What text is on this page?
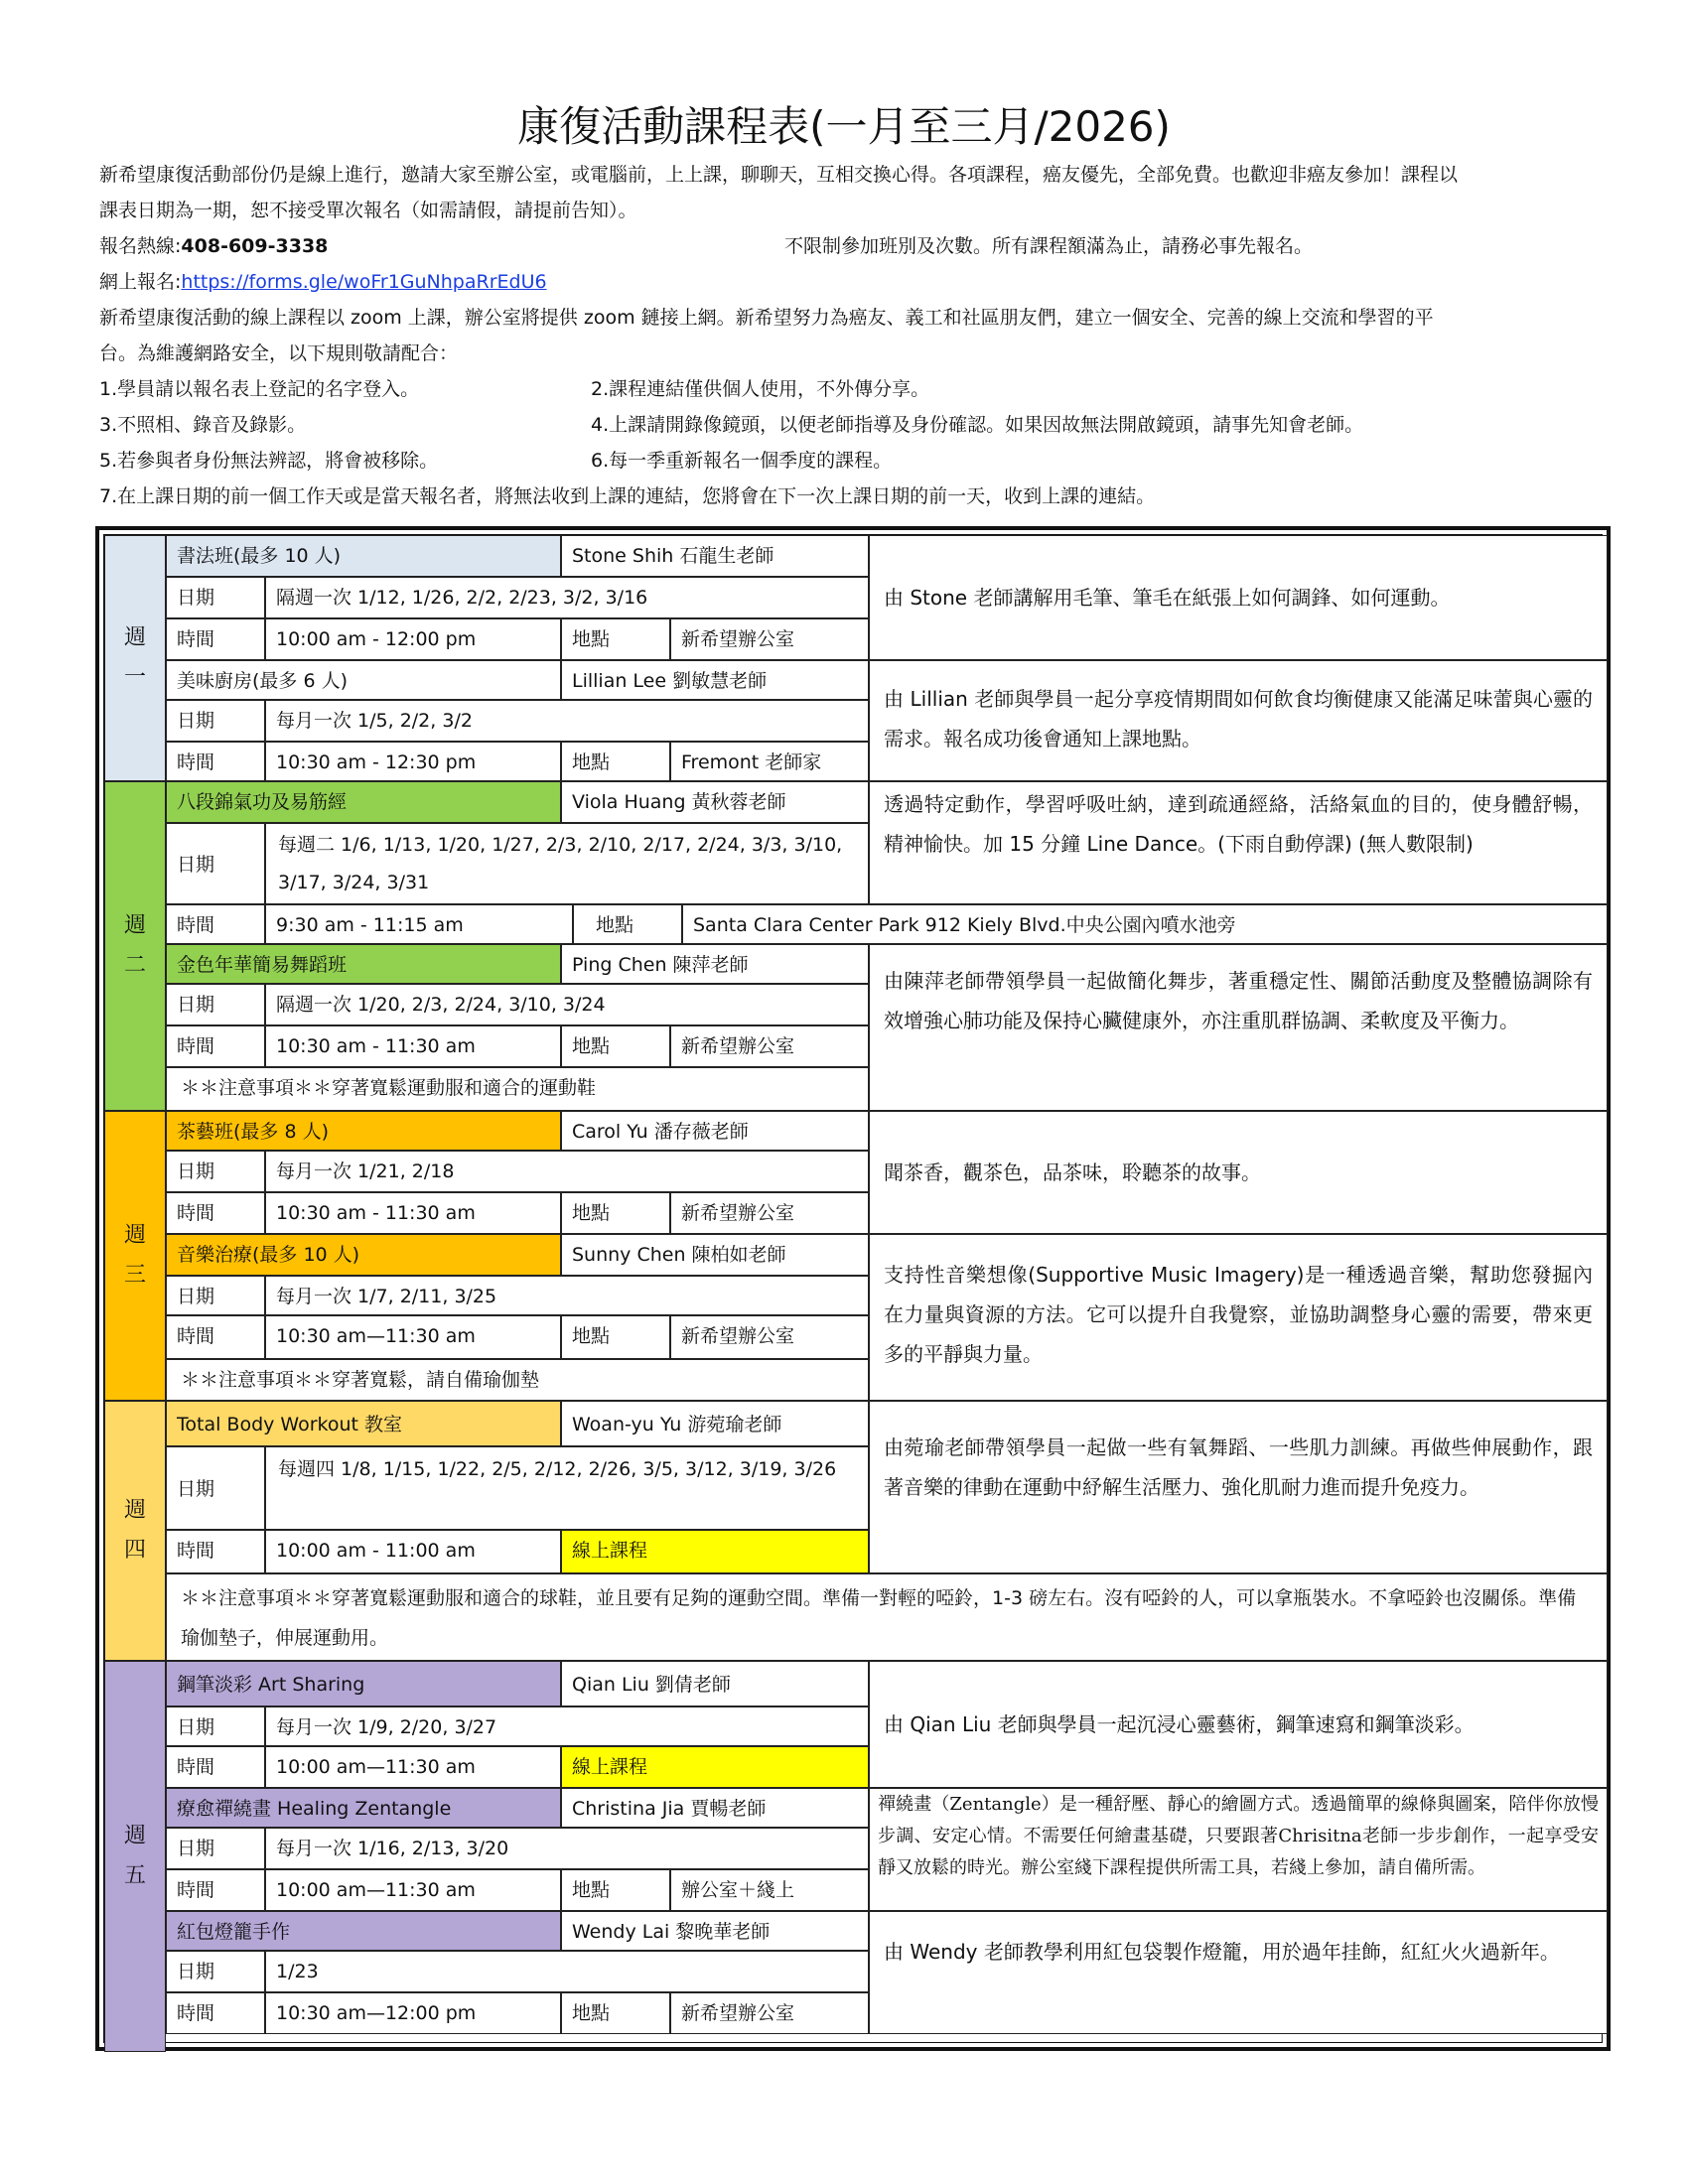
康復活動課程表(一月至三月/2026)

新希望康復活動部份仍是線上進行，邀請大家至辦公室，或電腦前，上上課，聊聊天，互相交換心得。各項課程，癌友優先，全部免費。也歡迎非癌友參加！課程以

課表日期為一期，恕不接受單次報名（如需請假，請提前告知）。

報名熱線:408-609-3338	不限制參加班別及次數。所有課程額滿為止，請務必事先報名。

網上報名:https://forms.gle/woFr1GuNhpaRrEdU6

新希望康復活動的線上課程以 zoom 上課，辦公室將提供 zoom 鏈接上網。新希望努力為癌友、義工和社區朋友們，建立一個安全、完善的線上交流和學習的平

台。為維護網路安全，以下規則敬請配合：

1.學員請以報名表上登記的名字登入。	2.課程連結僅供個人使用，不外傳分享。
3.不照相、錄音及錄影。	4.上課請開錄像鏡頭，以便老師指導及身份確認。如果因故無法開啟鏡頭，請事先知會老師。
5.若參與者身份無法辨認，將會被移除。	6.每一季重新報名一個季度的課程。

7.在上課日期的前一個工作天或是當天報名者，將無法收到上課的連結，您將會在下一次上課日期的前一天，收到上課的連結。

週一
書法班(最多 10 人)	Stone Shih 石龍生老師
日期	隔週一次 1/12, 1/26, 2/2, 2/23, 3/2, 3/16
時間	10:00 am - 12:00 pm	地點	新希望辦公室
由 Stone 老師講解用毛筆、筆毛在紙張上如何調鋒、如何運動。
美味廚房(最多 6 人)	Lillian Lee 劉敏慧老師
日期	每月一次 1/5, 2/2, 3/2
時間	10:30 am - 12:30 pm	地點	Fremont 老師家
由 Lillian 老師與學員一起分享疫情期間如何飲食均衡健康又能滿足味蕾與心靈的需求。報名成功後會通知上課地點。
週二
八段錦氣功及易筋經	Viola Huang 黃秋蓉老師
日期
每週二 1/6, 1/13, 1/20, 1/27, 2/3, 2/10, 2/17, 2/24, 3/3, 3/10, 3/17, 3/24, 3/31
透過特定動作，學習呼吸吐納，達到疏通經絡，活絡氣血的目的，使身體舒暢，精神愉快。加 15 分鐘 Line Dance。(下雨自動停課) (無人數限制)
時間	9:30 am - 11:15 am	地點	Santa Clara Center Park 912 Kiely Blvd.中央公園內噴水池旁
金色年華簡易舞蹈班	Ping Chen 陳萍老師
日期	隔週一次 1/20, 2/3, 2/24, 3/10, 3/24
時間	10:30 am - 11:30 am	地點	新希望辦公室
＊＊注意事項＊＊穿著寬鬆運動服和適合的運動鞋
由陳萍老師帶領學員一起做簡化舞步，著重穩定性、關節活動度及整體協調除有效增強心肺功能及保持心臟健康外，亦注重肌群協調、柔軟度及平衡力。
週三
茶藝班(最多 8 人)	Carol Yu 潘存薇老師
日期	每月一次 1/21, 2/18
時間	10:30 am - 11:30 am	地點	新希望辦公室
聞茶香，觀茶色，品茶味，聆聽茶的故事。
音樂治療(最多 10 人)	Sunny Chen 陳柏如老師
日期	每月一次 1/7, 2/11, 3/25
時間	10:30 am—11:30 am	地點	新希望辦公室
＊＊注意事項＊＊穿著寬鬆，請自備瑜伽墊
支持性音樂想像(Supportive Music Imagery)是一種透過音樂，幫助您發掘內在力量與資源的方法。它可以提升自我覺察，並協助調整身心靈的需要，帶來更多的平靜與力量。
週四
Total Body Workout 教室	Woan-yu Yu 游菀瑜老師
日期
每週四 1/8, 1/15, 1/22, 2/5, 2/12, 2/26, 3/5, 3/12, 3/19, 3/26
時間	10:00 am - 11:00 am	線上課程
由菀瑜老師帶領學員一起做一些有氧舞蹈、一些肌力訓練。再做些伸展動作，跟著音樂的律動在運動中紓解生活壓力、強化肌耐力進而提升免疫力。
＊＊注意事項＊＊穿著寬鬆運動服和適合的球鞋，並且要有足夠的運動空間。準備一對輕的啞鈴，1-3 磅左右。沒有啞鈴的人，可以拿瓶裝水。不拿啞鈴也沒關係。準備瑜伽墊子，伸展運動用。
週五
鋼筆淡彩 Art Sharing	Qian Liu 劉倩老師
日期	每月一次 1/9, 2/20, 3/27
時間	10:00 am—11:30 am	線上課程
由 Qian Liu 老師與學員一起沉浸心靈藝術，鋼筆速寫和鋼筆淡彩。
療愈禪繞畫 Healing Zentangle	Christina Jia 賈暢老師
日期	每月一次 1/16, 2/13, 3/20
時間	10:00 am—11:30 am	地點	辦公室＋綫上
禪繞畫（Zentangle）是一種舒壓、靜心的繪圖方式。透過簡單的線條與圖案，陪伴你放慢步調、安定心情。不需要任何繪畫基礎，只要跟著Chrisitna老師一步步創作，一起享受安靜又放鬆的時光。辦公室綫下課程提供所需工具，若綫上參加，請自備所需。
紅包燈籠手作	Wendy Lai 黎晚華老師
日期	1/23
時間	10:30 am—12:00 pm	地點	新希望辦公室
由 Wendy 老師教學利用紅包袋製作燈籠，用於過年挂飾，紅紅火火過新年。
